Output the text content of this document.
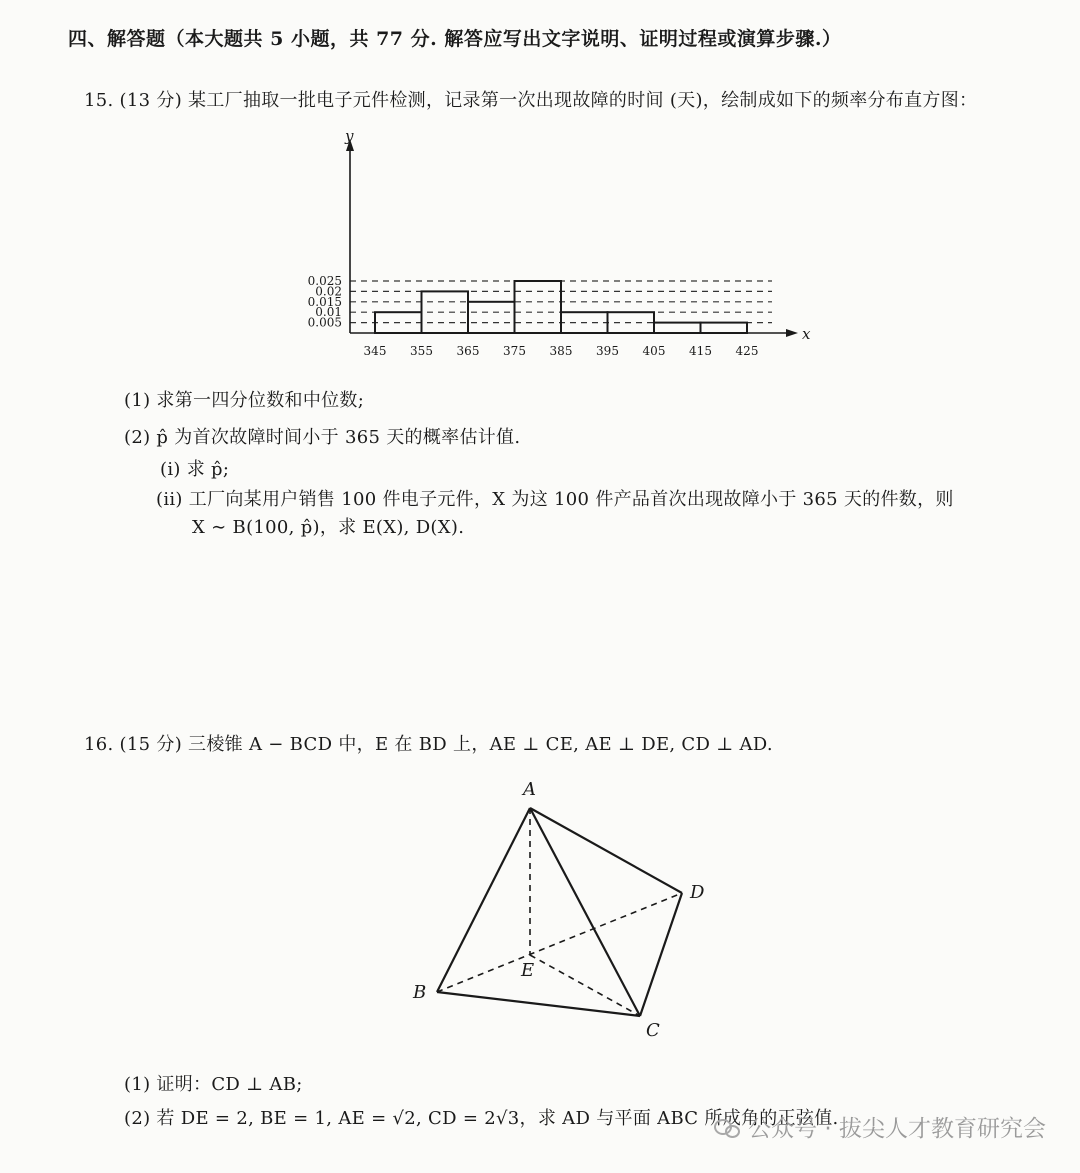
四、解答题（本大题共 5 小题，共 77 分. 解答应写出文字说明、证明过程或演算步骤.）
15. (13 分) 某工厂抽取一批电子元件检测，记录第一次出现故障的时间 (天)，绘制成如下的频率分布直方图：
0.005
0.01
0.015
0.02
0.025
x
y
345 355 365 375 385 395 405 415 425
(1) 求第一四分位数和中位数;
(2) p̂ 为首次故障时间小于 365 天的概率估计值.
(i) 求 p̂;
(ii) 工厂向某用户销售 100 件电子元件，X 为这 100 件产品首次出现故障小于 365 天的件数，则
X ∼ B(100, p̂)，求 E(X), D(X).
16. (15 分) 三棱锥 A − BCD 中，E 在 BD 上，AE ⊥ CE, AE ⊥ DE, CD ⊥ AD.
A
B
C
D
E
(1) 证明：CD ⊥ AB;
(2) 若 DE = 2, BE = 1, AE = √2, CD = 2√3，求 AD 与平面 ABC 所成角的正弦值.
公众号 · 拔尖人才教育研究会
